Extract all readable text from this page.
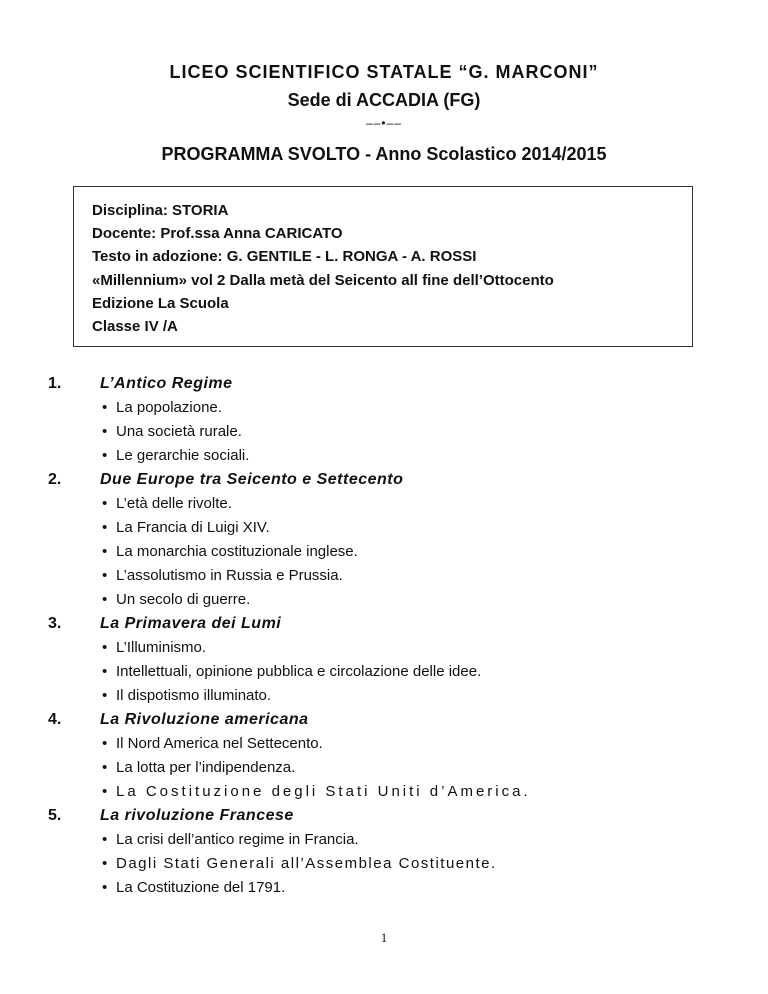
LICEO SCIENTIFICO STATALE “G. MARCONI”
Sede di ACCADIA (FG)
––•––
PROGRAMMA SVOLTO - Anno Scolastico 2014/2015
Disciplina: STORIA
Docente: Prof.ssa Anna CARICATO
Testo in adozione: G. GENTILE - L. RONGA - A. ROSSI
«Millennium» vol 2 Dalla metà del Seicento all fine dell’Ottocento
Edizione La Scuola
Classe IV /A
1. L’Antico Regime
• La popolazione.
• Una società rurale.
• Le gerarchie sociali.
2. Due Europe tra Seicento e Settecento
• L’età delle rivolte.
• La Francia di Luigi XIV.
• La monarchia costituzionale inglese.
• L’assolutismo in Russia e Prussia.
• Un secolo di guerre.
3. La Primavera dei Lumi
• L’Illuminismo.
• Intellettuali, opinione pubblica e circolazione delle idee.
• Il dispotismo illuminato.
4. La Rivoluzione americana
• Il Nord America nel Settecento.
• La lotta per l’indipendenza.
• La Costituzione degli Stati Uniti d’America.
5. La rivoluzione Francese
• La crisi dell’antico regime in Francia.
• Dagli Stati Generali all’Assemblea Costituente.
• La Costituzione del 1791.
1
